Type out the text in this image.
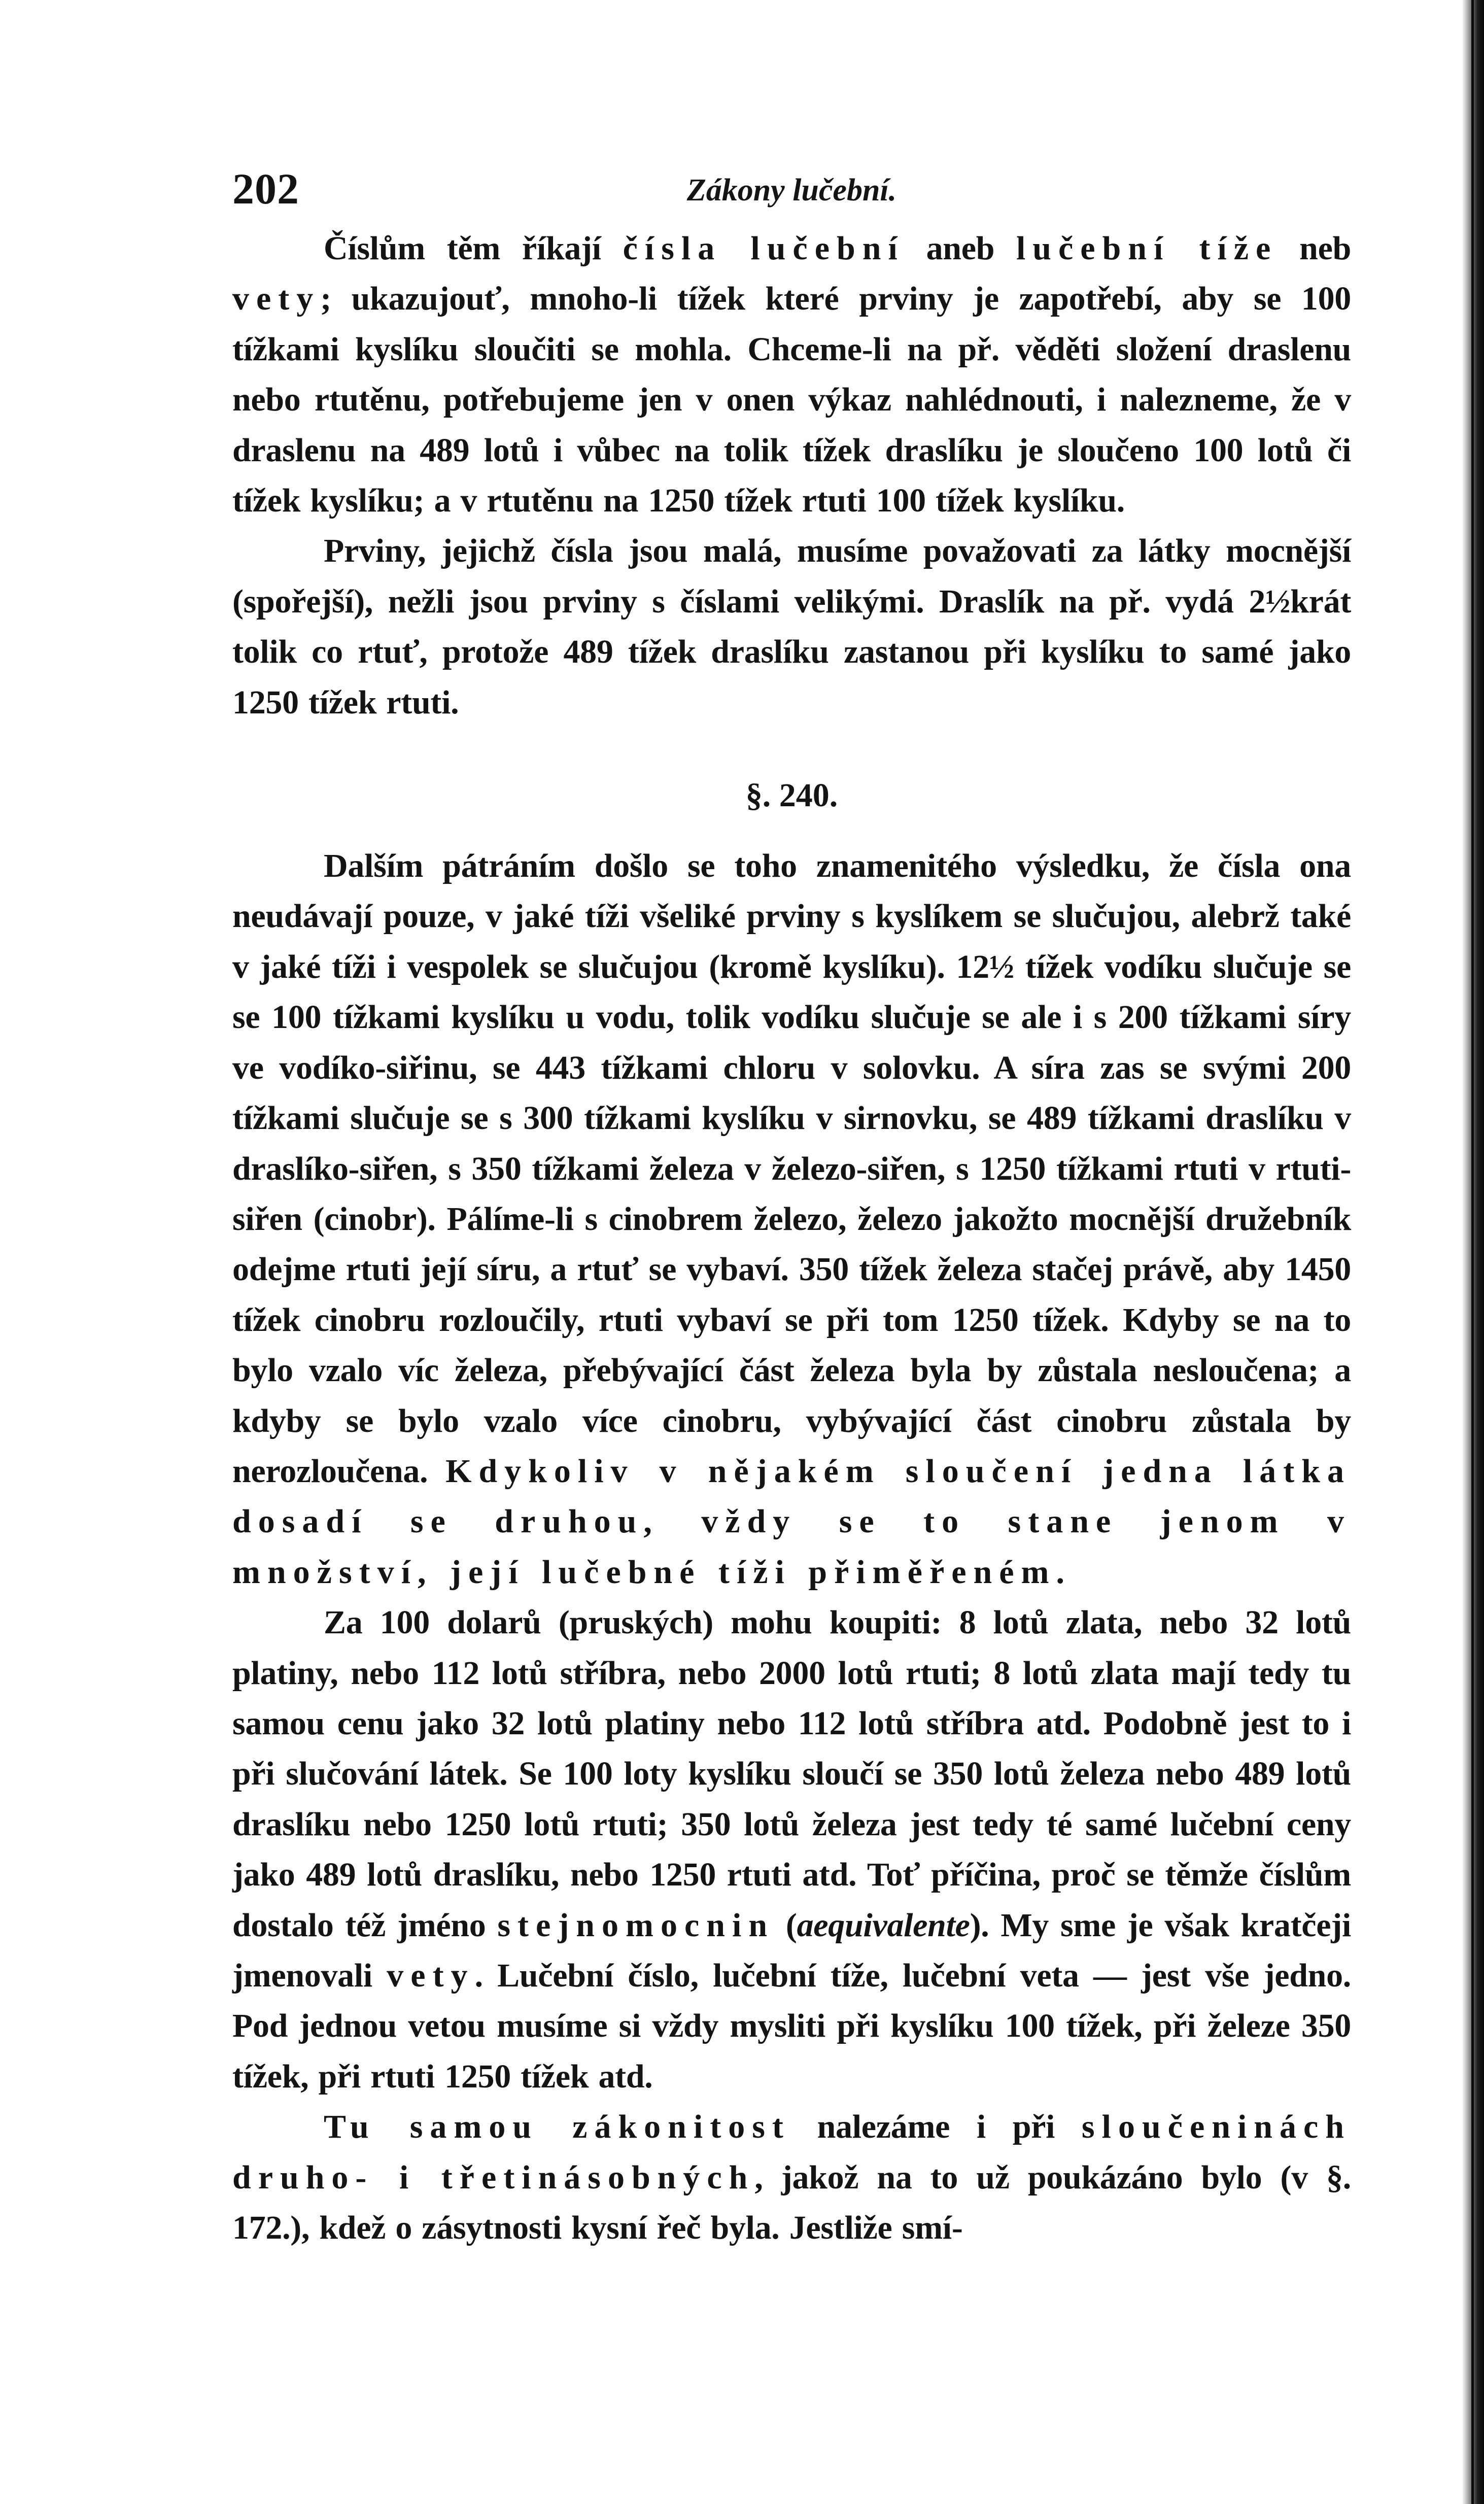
202	Zákony lučební.

Číslům těm říkají čísla lučební aneb lučební tíže neb vety; ukazujouť, mnoho-li tížek které prviny je zapotřebí, aby se 100 tížkami kyslíku sloučiti se mohla. Chceme-li na př. věděti složení draslenu nebo rtutěnu, potřebujeme jen v onen výkaz nahlédnouti, i nalezneme, že v draslenu na 489 lotů i vůbec na tolik tížek draslíku je sloučeno 100 lotů či tížek kyslíku; a v rtutěnu na 1250 tížek rtuti 100 tížek kyslíku.

Prviny, jejichž čísla jsou malá, musíme považovati za látky mocnější (spořejší), nežli jsou prviny s číslami velikými. Draslík na př. vydá 2½krát tolik co rtuť, protože 489 tížek draslíku zastanou při kyslíku to samé jako 1250 tížek rtuti.

§. 240.

Dalším pátráním došlo se toho znamenitého výsledku, že čísla ona neudávají pouze, v jaké tíži všeliké prviny s kyslíkem se slučujou, alebrž také v jaké tíži i vespolek se slučujou (kromě kyslíku). 12½ tížek vodíku slučuje se se 100 tížkami kyslíku u vodu, tolik vodíku slučuje se ale i s 200 tížkami síry ve vodíko-siřinu, se 443 tížkami chloru v solovku. A síra zas se svými 200 tížkami slučuje se s 300 tížkami kyslíku v sirnovku, se 489 tížkami draslíku v draslíko-siřen, s 350 tížkami železa v železo-siřen, s 1250 tížkami rtuti v rtuti-siřen (cinobr). Pálíme-li s cinobrem železo, železo jakožto mocnější družebník odejme rtuti její síru, a rtuť se vybaví. 350 tížek železa stačej právě, aby 1450 tížek cinobru rozloučily, rtuti vybaví se při tom 1250 tížek. Kdyby se na to bylo vzalo víc železa, přebývající část železa byla by zůstala nesloučena; a kdyby se bylo vzalo více cinobru, vybývající část cinobru zůstala by nerozloučena. Kdykoliv v nějakém sloučení jedna látka dosadí se druhou, vždy se to stane jenom v množství, její lučebné tíži přiměřeném.

Za 100 dolarů (pruských) mohu koupiti: 8 lotů zlata, nebo 32 lotů platiny, nebo 112 lotů stříbra, nebo 2000 lotů rtuti; 8 lotů zlata mají tedy tu samou cenu jako 32 lotů platiny nebo 112 lotů stříbra atd. Podobně jest to i při slučování látek. Se 100 loty kyslíku sloučí se 350 lotů železa nebo 489 lotů draslíku nebo 1250 lotů rtuti; 350 lotů železa jest tedy té samé lučební ceny jako 489 lotů draslíku, nebo 1250 rtuti atd. Toť příčina, proč se těmže číslům dostalo též jméno stejnomocnin (aequivalente). My sme je však kratčeji jmenovali vety. Lučební číslo, lučební tíže, lučební veta — jest vše jedno. Pod jednou vetou musíme si vždy mysliti při kyslíku 100 tížek, při železe 350 tížek, při rtuti 1250 tížek atd.

Tu samou zákonitost nalezáme i při sloučeninách druho- i třetinásobných, jakož na to už poukázáno bylo (v §. 172.), kdež o zásytnosti kysní řeč byla. Jestliže smí-
